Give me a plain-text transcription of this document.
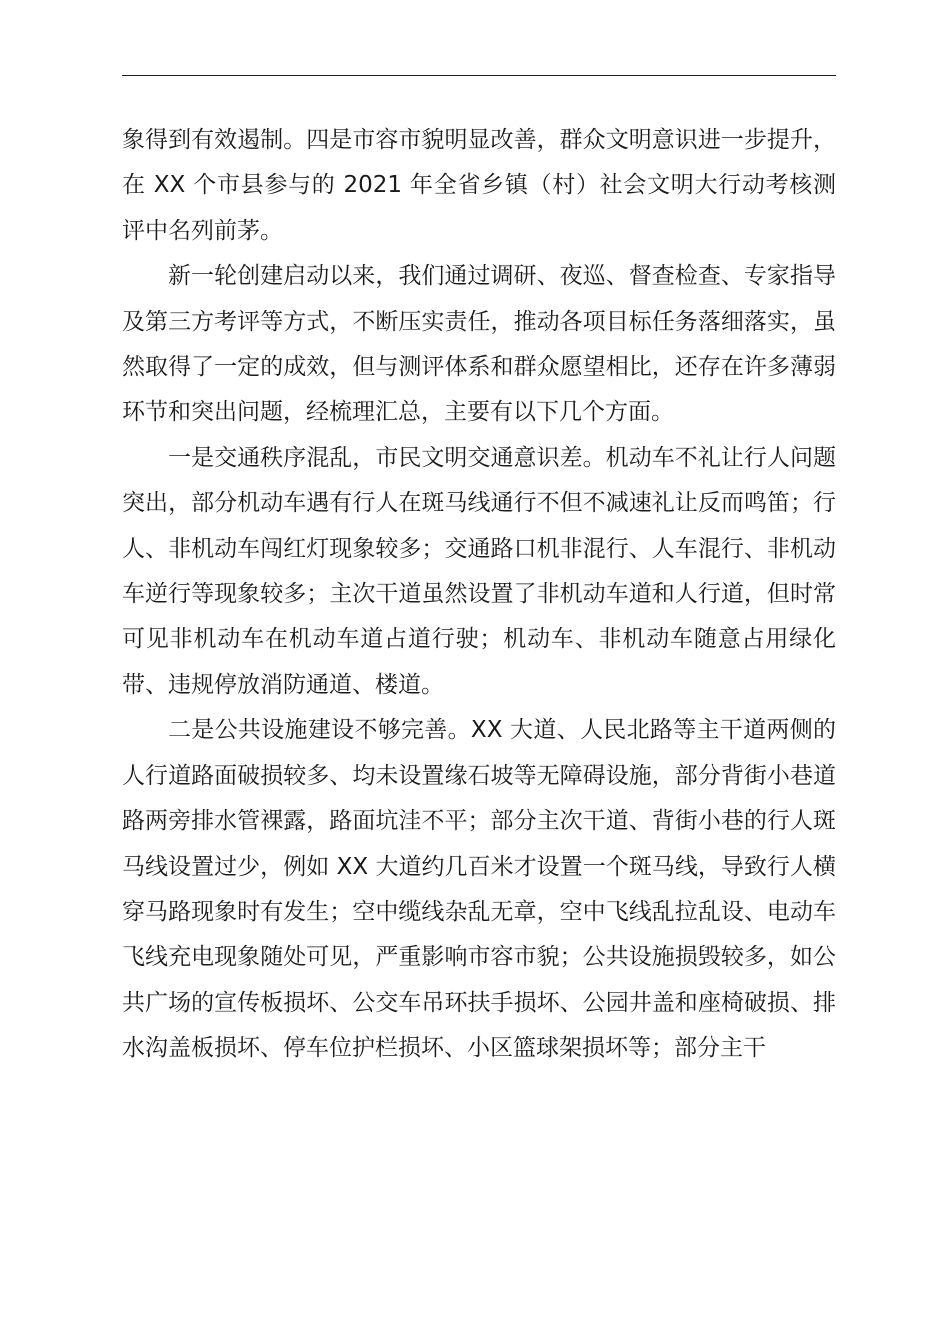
象得到有效遏制。四是市容市貌明显改善，群众文明意识进一步提升，在 XX 个市县参与的 2021 年全省乡镇（村）社会文明大行动考核测评中名列前茅。

新一轮创建启动以来，我们通过调研、夜巡、督查检查、专家指导及第三方考评等方式，不断压实责任，推动各项目标任务落细落实，虽然取得了一定的成效，但与测评体系和群众愿望相比，还存在许多薄弱环节和突出问题，经梳理汇总，主要有以下几个方面。

一是交通秩序混乱，市民文明交通意识差。机动车不礼让行人问题突出，部分机动车遇有行人在斑马线通行不但不减速礼让反而鸣笛；行人、非机动车闯红灯现象较多；交通路口机非混行、人车混行、非机动车逆行等现象较多；主次干道虽然设置了非机动车道和人行道，但时常可见非机动车在机动车道占道行驶；机动车、非机动车随意占用绿化带、违规停放消防通道、楼道。

二是公共设施建设不够完善。XX 大道、人民北路等主干道两侧的人行道路面破损较多、均未设置缘石坡等无障碍设施，部分背街小巷道路两旁排水管裸露，路面坑洼不平；部分主次干道、背街小巷的行人斑马线设置过少，例如 XX 大道约几百米才设置一个斑马线，导致行人横穿马路现象时有发生；空中缆线杂乱无章，空中飞线乱拉乱设、电动车飞线充电现象随处可见，严重影响市容市貌；公共设施损毁较多，如公共广场的宣传板损坏、公交车吊环扶手损坏、公园井盖和座椅破损、排水沟盖板损坏、停车位护栏损坏、小区篮球架损坏等；部分主干
